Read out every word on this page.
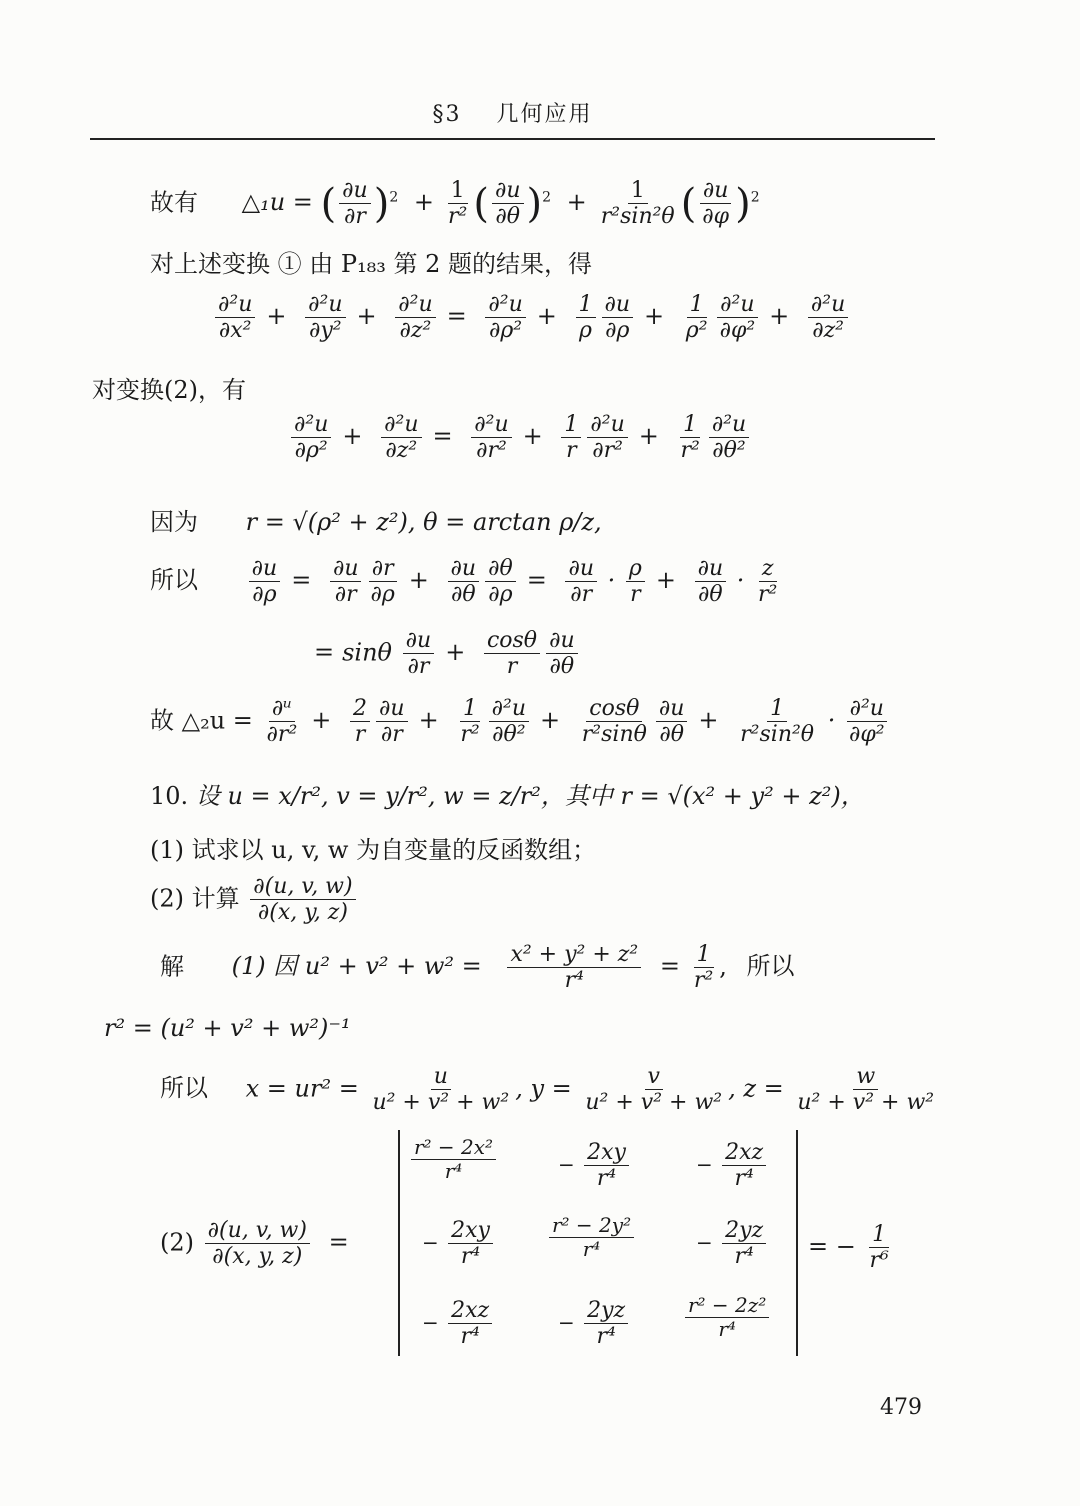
§3 几何应用
故有 △₁u = ( $\frac{\partial u}{\partial r} )^2 + \frac{1}{\text{r²}}$ ( $\frac{\partial u}{\partial\theta} )^2 + \frac{1}{\text{r²sin²θ}}$ ( $\frac{\partial u}{\partial\varphi} )^2$
对上述变换 ① 由 P₁₈₃ 第 2 题的结果，得
$\frac{\text{∂²u}}{\text{∂x²}} + \frac{\text{∂²u}}{\text{∂y²}} + \frac{\text{∂²u}}{\text{∂z²}} = \frac{\text{∂²u}}{\text{∂ρ²}} + \frac{1}{\rho} \frac{\partial u}{\partial\rho} + \frac{1}{\text{ρ²}} \frac{\text{∂²u}}{\text{∂φ²}} + \frac{\text{∂²u}}{\text{∂z²}}$
对变换(2)，有
$\frac{\text{∂²u}}{\text{∂ρ²}} + \frac{\text{∂²u}}{\text{∂z²}} = \frac{\text{∂²u}}{\text{∂r²}} + \frac{1}{r} \frac{\text{∂²u}}{\text{∂r²}} + \frac{1}{\text{r²}} \frac{\text{∂²u}}{\text{∂θ²}}$
因为 r = √(ρ² + z²), θ = arctan ρ/z,
所以 $\frac{\partial u}{\partial\rho} = \frac{\partial u}{\partial r} \frac{\partial r}{\partial\rho} + \frac{\partial u}{\partial\theta} \frac{\partial\theta}{\partial\rho} = \frac{\partial u}{\partial r} \cdot \frac{\rho}{r} + \frac{\partial u}{\partial\theta} \cdot \frac{z}{\text{r²}}$
= sinθ $\frac{\partial u}{\partial r} + \frac{\cos\theta}{r} \frac{\partial u}{\partial\theta}$
故 △₂u = $\frac{\text{∂ᵘ}}{\text{∂r²}} + \frac{2}{r} \frac{\partial u}{\partial r} + \frac{1}{\text{r²}} \frac{\text{∂²u}}{\text{∂θ²}} + \frac{\cos\theta}{\text{r²sinθ}} \frac{\partial u}{\partial\theta} + \frac{1}{\text{r²sin²θ}} \cdot \frac{\text{∂²u}}{\text{∂φ²}}$
10. 设 u = x/r², v = y/r², w = z/r²，其中 r = √(x² + y² + z²)，
(1) 试求以 u, v, w 为自变量的反函数组；
(2) 计算 $\frac{\partial(u, v, w)}{\partial(x, y, z)}$
解 (1) 因 $u^2 + v^2 + w^2 = \frac{\text{x² + y² + z²}}{\text{r⁴}} = \frac{1}{\text{r²}}$ , 所以
r² = (u² + v² + w²)⁻¹
所以 $x = ur^2 = \frac{u}{\text{u² + v² + w²}}$ , $y = \frac{v}{\text{u² + v² + w²}}$ , $z = \frac{w}{\text{u² + v² + w²}}$
$(2) \frac{\partial(u, v, w)}{\partial(x, y, z)}$ =
$\frac{\text{r² − 2x²}}{\text{r⁴}}$	− $\frac{2xy}{\text{r⁴}}$	− $\frac{2xz}{\text{r⁴}}$
− $\frac{2xy}{\text{r⁴}}$	$\frac{\text{r² − 2y²}}{\text{r⁴}}$	− $\frac{2yz}{\text{r⁴}}$
− $\frac{2xz}{\text{r⁴}}$	− $\frac{2yz}{\text{r⁴}}$	$\frac{\text{r² − 2z²}}{\text{r⁴}}$
= − $\frac{1}{\text{r⁶}}$
479
